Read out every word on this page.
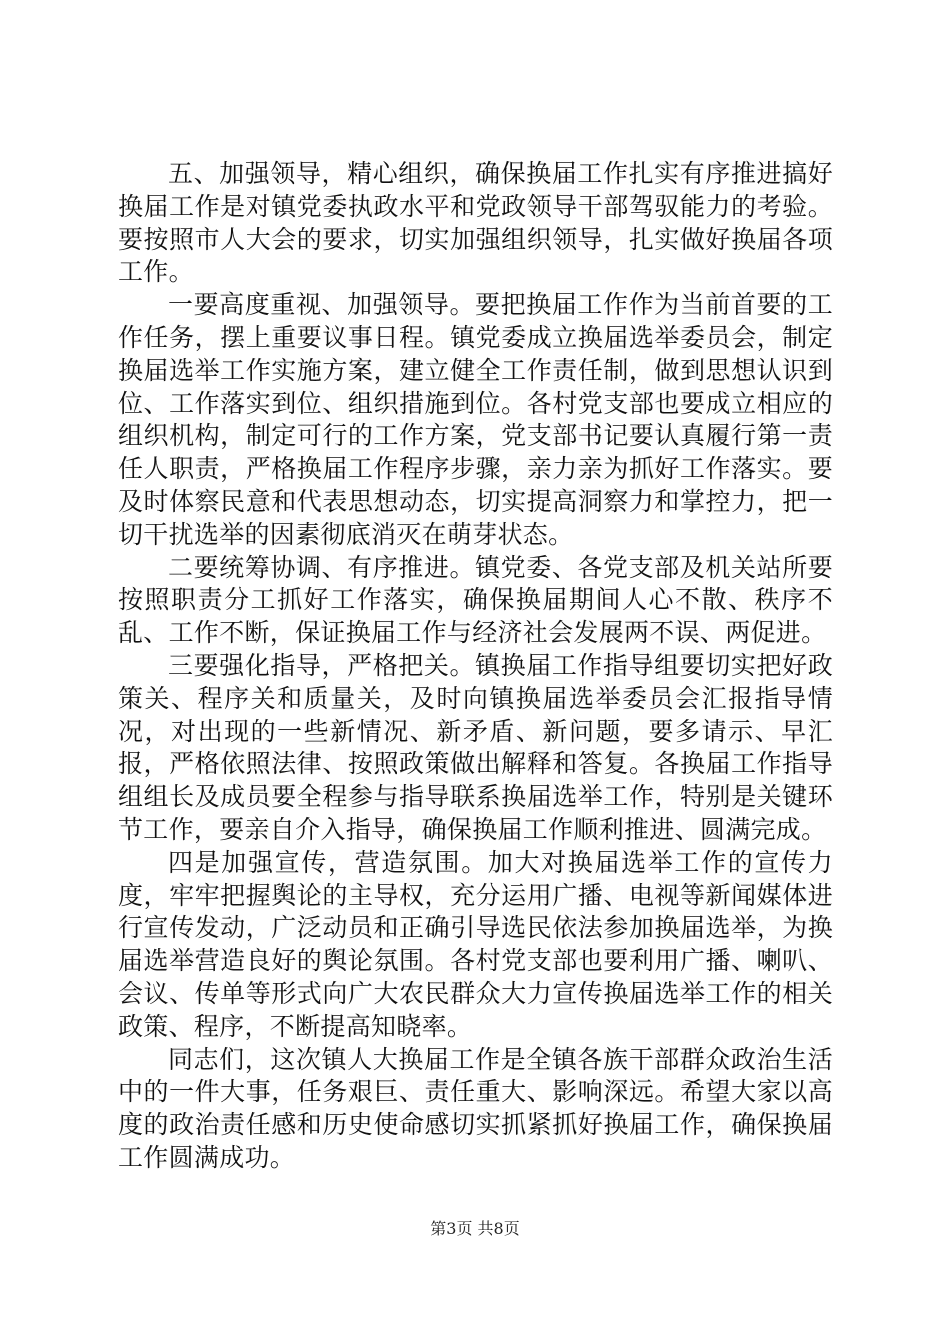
五、加强领导，精心组织，确保换届工作扎实有序推进搞好换届工作是对镇党委执政水平和党政领导干部驾驭能力的考验。要按照市人大会的要求，切实加强组织领导，扎实做好换届各项工作。

一要高度重视、加强领导。要把换届工作作为当前首要的工作任务，摆上重要议事日程。镇党委成立换届选举委员会，制定换届选举工作实施方案，建立健全工作责任制，做到思想认识到位、工作落实到位、组织措施到位。各村党支部也要成立相应的组织机构，制定可行的工作方案，党支部书记要认真履行第一责任人职责，严格换届工作程序步骤，亲力亲为抓好工作落实。要及时体察民意和代表思想动态，切实提高洞察力和掌控力，把一切干扰选举的因素彻底消灭在萌芽状态。

二要统筹协调、有序推进。镇党委、各党支部及机关站所要按照职责分工抓好工作落实，确保换届期间人心不散、秩序不乱、工作不断，保证换届工作与经济社会发展两不误、两促进。

三要强化指导，严格把关。镇换届工作指导组要切实把好政策关、程序关和质量关，及时向镇换届选举委员会汇报指导情况，对出现的一些新情况、新矛盾、新问题，要多请示、早汇报，严格依照法律、按照政策做出解释和答复。各换届工作指导组组长及成员要全程参与指导联系换届选举工作，特别是关键环节工作，要亲自介入指导，确保换届工作顺利推进、圆满完成。

四是加强宣传，营造氛围。加大对换届选举工作的宣传力度，牢牢把握舆论的主导权，充分运用广播、电视等新闻媒体进行宣传发动，广泛动员和正确引导选民依法参加换届选举，为换届选举营造良好的舆论氛围。各村党支部也要利用广播、喇叭、会议、传单等形式向广大农民群众大力宣传换届选举工作的相关政策、程序，不断提高知晓率。

同志们，这次镇人大换届工作是全镇各族干部群众政治生活中的一件大事，任务艰巨、责任重大、影响深远。希望大家以高度的政治责任感和历史使命感切实抓紧抓好换届工作，确保换届工作圆满成功。

第3页 共8页
